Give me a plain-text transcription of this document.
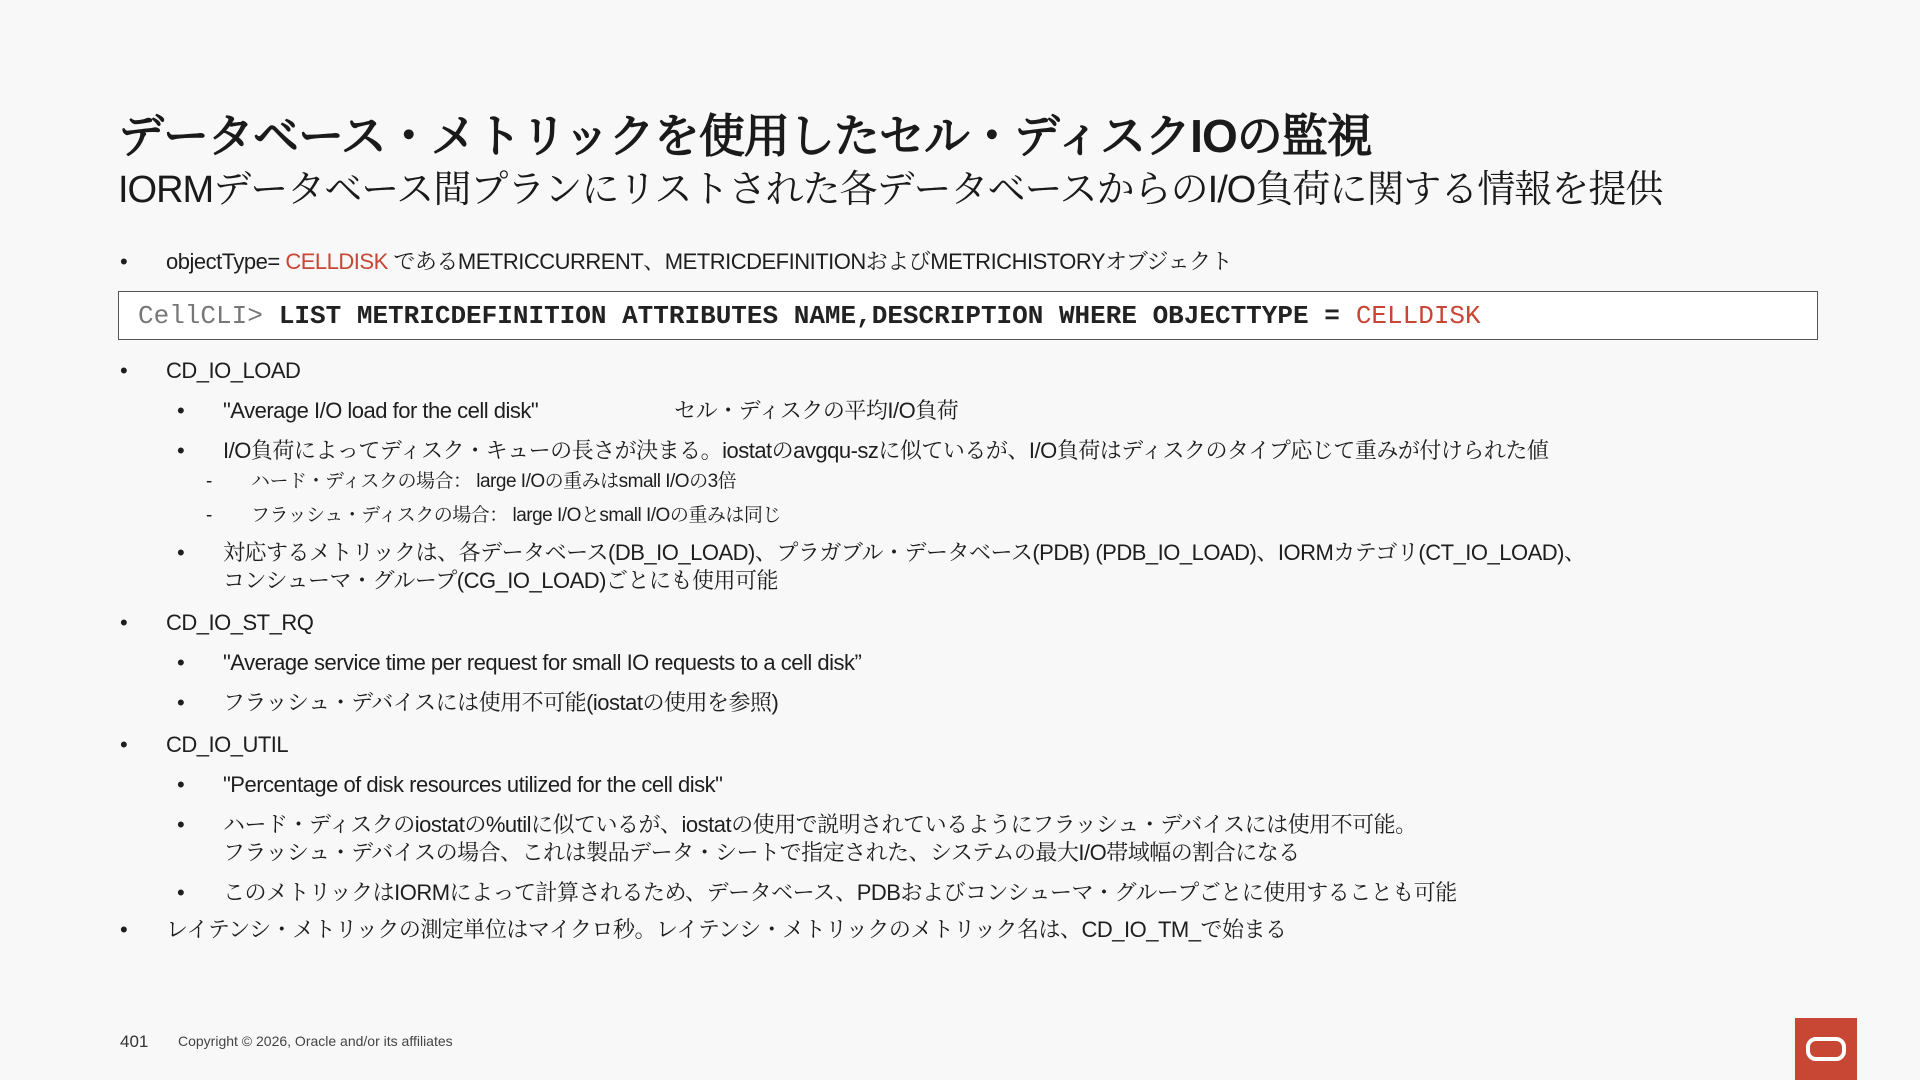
データベース・メトリックを使用したセル・ディスクIOの監視
IORMデータベース間プランにリストされた各データベースからのI/O負荷に関する情報を提供
• objectType= CELLDISK であるMETRICCURRENT、METRICDEFINITIONおよびMETRICHISTORYオブジェクト
CellCLI> LIST METRICDEFINITION ATTRIBUTES NAME,DESCRIPTION WHERE OBJECTTYPE = CELLDISK
• CD_IO_LOAD
• "Average I/O load for the cell disk"	セル・ディスクの平均I/O負荷
• I/O負荷によってディスク・キューの長さが決まる。iostatのavgqu-szに似ているが、I/O負荷はディスクのタイプ応じて重みが付けられた値
- ハード・ディスクの場合： large I/Oの重みはsmall I/Oの3倍
- フラッシュ・ディスクの場合： large I/Oとsmall I/Oの重みは同じ
• 対応するメトリックは、各データベース(DB_IO_LOAD)、プラガブル・データベース(PDB) (PDB_IO_LOAD)、IORMカテゴリ(CT_IO_LOAD)、
コンシューマ・グループ(CG_IO_LOAD)ごとにも使用可能
• CD_IO_ST_RQ
• "Average service time per request for small IO requests to a cell disk”
• フラッシュ・デバイスには使用不可能(iostatの使用を参照)
• CD_IO_UTIL
• "Percentage of disk resources utilized for the cell disk"
• ハード・ディスクのiostatの%utilに似ているが、iostatの使用で説明されているようにフラッシュ・デバイスには使用不可能。
フラッシュ・デバイスの場合、これは製品データ・シートで指定された、システムの最大I/O帯域幅の割合になる
• このメトリックはIORMによって計算されるため、データベース、PDBおよびコンシューマ・グループごとに使用することも可能
• レイテンシ・メトリックの測定単位はマイクロ秒。レイテンシ・メトリックのメトリック名は、CD_IO_TM_で始まる
401 Copyright © 2026, Oracle and/or its affiliates
